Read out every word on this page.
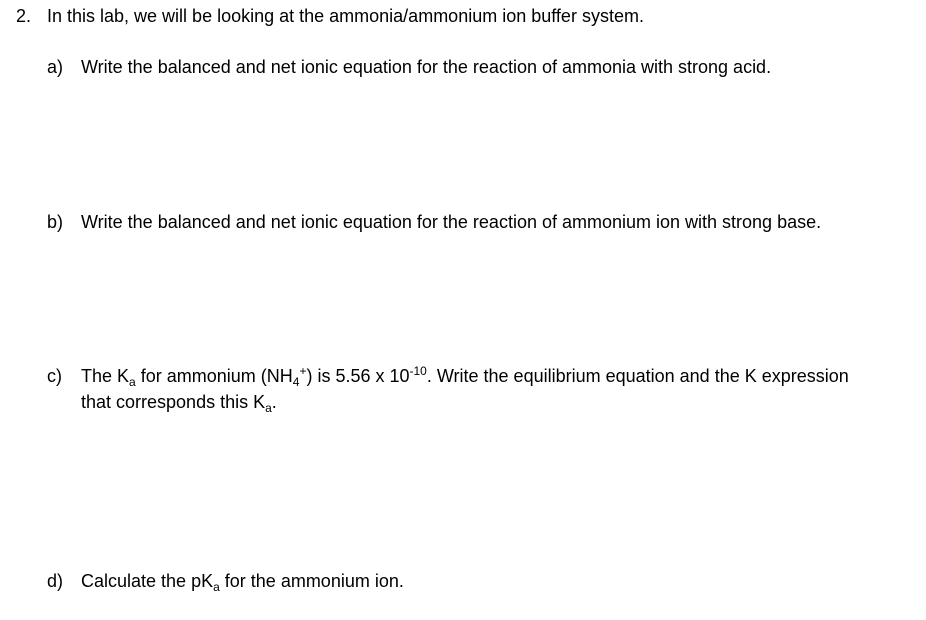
2. In this lab, we will be looking at the ammonia/ammonium ion buffer system.
a) Write the balanced and net ionic equation for the reaction of ammonia with strong acid.
b) Write the balanced and net ionic equation for the reaction of ammonium ion with strong base.
c) The $K_a$ for ammonium $(NH_4^+)$ is 5.56 x $10^{-10}$. Write the equilibrium equation and the K expression
that corresponds this $K_a$.
d) Calculate the $pK_a$ for the ammonium ion.
